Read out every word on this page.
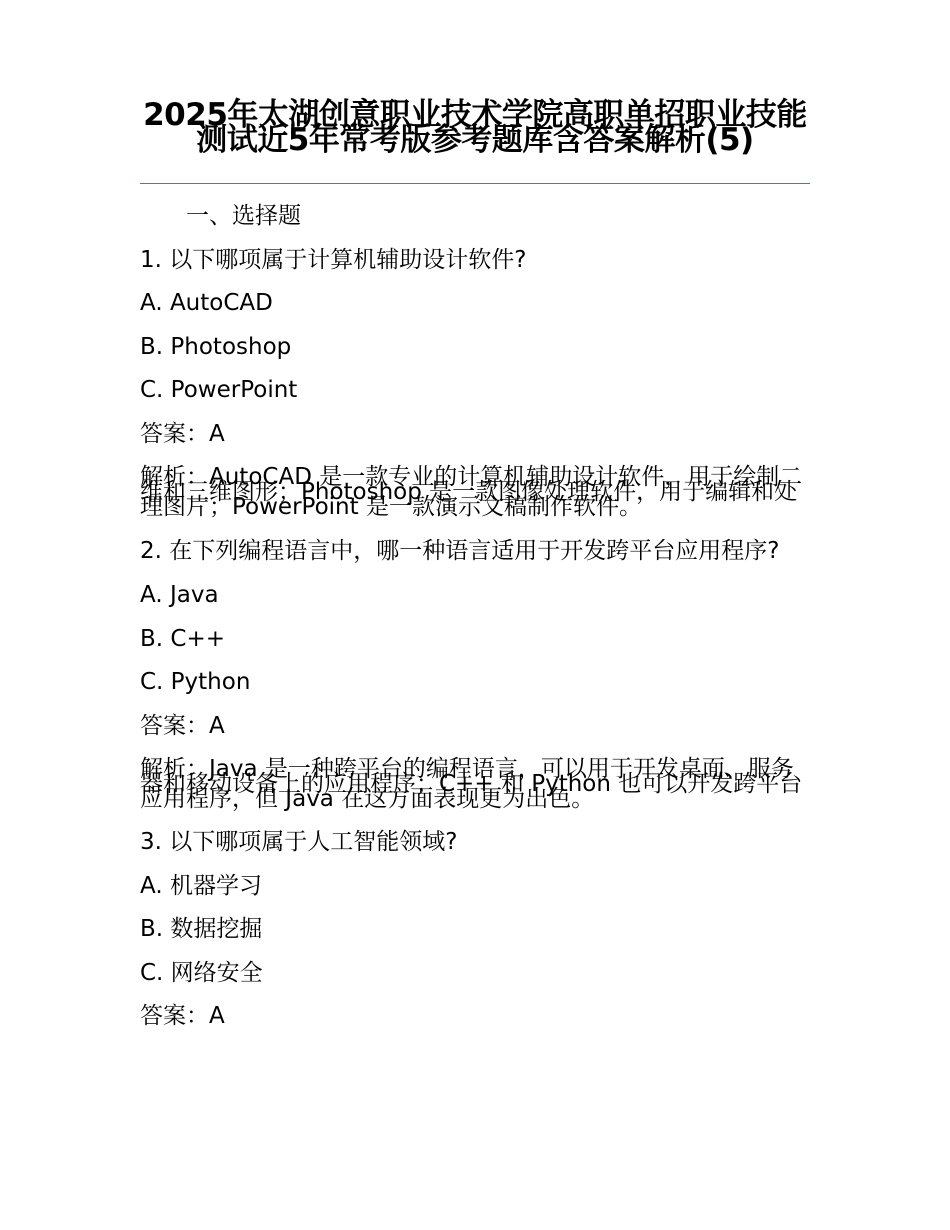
2025年太湖创意职业技术学院高职单招职业技能测试近5年常考版参考题库含答案解析(5)

一、选择题

1. 以下哪项属于计算机辅助设计软件?

A. AutoCAD

B. Photoshop

C. PowerPoint

答案：A

解析：AutoCAD 是一款专业的计算机辅助设计软件，用于绘制二维和三维图形；Photoshop 是一款图像处理软件，用于编辑和处理图片；PowerPoint 是一款演示文稿制作软件。

2. 在下列编程语言中，哪一种语言适用于开发跨平台应用程序?

A. Java

B. C++

C. Python

答案：A

解析：Java 是一种跨平台的编程语言，可以用于开发桌面、服务器和移动设备上的应用程序；C++ 和 Python 也可以开发跨平台应用程序，但 Java 在这方面表现更为出色。

3. 以下哪项属于人工智能领域?

A. 机器学习

B. 数据挖掘

C. 网络安全

答案：A
